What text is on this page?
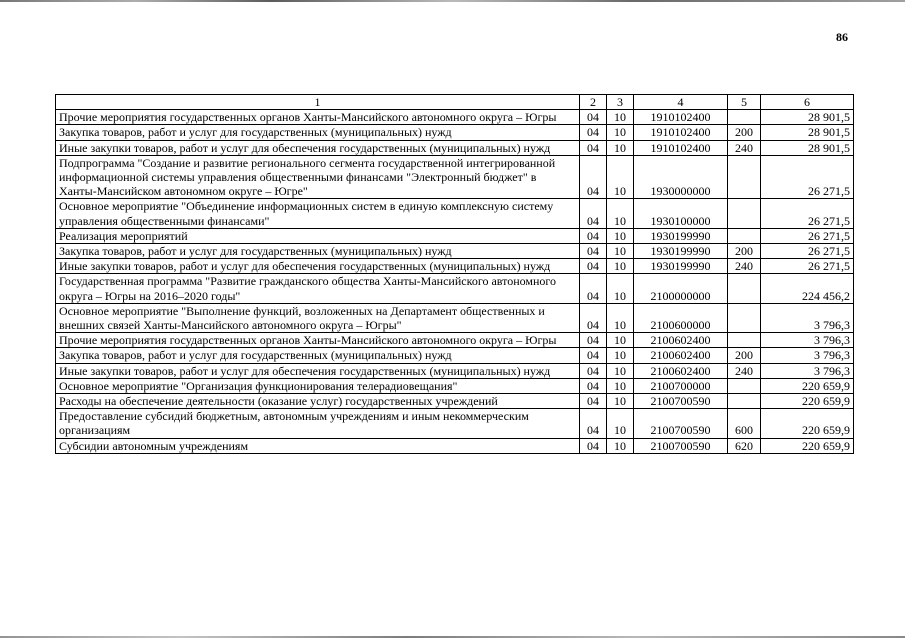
86
1	2	3	4	5	6
Прочие мероприятия государственных органов Ханты-Мансийского автономного округа – Югры	04	10	1910102400		28 901,5
Закупка товаров, работ и услуг для государственных (муниципальных) нужд	04	10	1910102400	200	28 901,5
Иные закупки товаров, работ и услуг для обеспечения государственных (муниципальных) нужд	04	10	1910102400	240	28 901,5
Подпрограмма "Создание и развитие регионального сегмента государственной интегрированной информационной системы управления общественными финансами "Электронный бюджет" в Ханты-Мансийском автономном округе – Югре"	04	10	1930000000		26 271,5
Основное мероприятие "Объединение информационных систем в единую комплексную систему управления общественными финансами"	04	10	1930100000		26 271,5
Реализация мероприятий	04	10	1930199990		26 271,5
Закупка товаров, работ и услуг для государственных (муниципальных) нужд	04	10	1930199990	200	26 271,5
Иные закупки товаров, работ и услуг для обеспечения государственных (муниципальных) нужд	04	10	1930199990	240	26 271,5
Государственная программа "Развитие гражданского общества Ханты-Мансийского автономного округа – Югры на 2016–2020 годы"	04	10	2100000000		224 456,2
Основное мероприятие "Выполнение функций, возложенных на Департамент общественных и внешних связей Ханты-Мансийского автономного округа – Югры"	04	10	2100600000		3 796,3
Прочие мероприятия государственных органов Ханты-Мансийского автономного округа – Югры	04	10	2100602400		3 796,3
Закупка товаров, работ и услуг для государственных (муниципальных) нужд	04	10	2100602400	200	3 796,3
Иные закупки товаров, работ и услуг для обеспечения государственных (муниципальных) нужд	04	10	2100602400	240	3 796,3
Основное мероприятие "Организация функционирования телерадиовещания"	04	10	2100700000		220 659,9
Расходы на обеспечение деятельности (оказание услуг) государственных учреждений	04	10	2100700590		220 659,9
Предоставление субсидий бюджетным, автономным учреждениям и иным некоммерческим организациям	04	10	2100700590	600	220 659,9
Субсидии автономным учреждениям	04	10	2100700590	620	220 659,9
